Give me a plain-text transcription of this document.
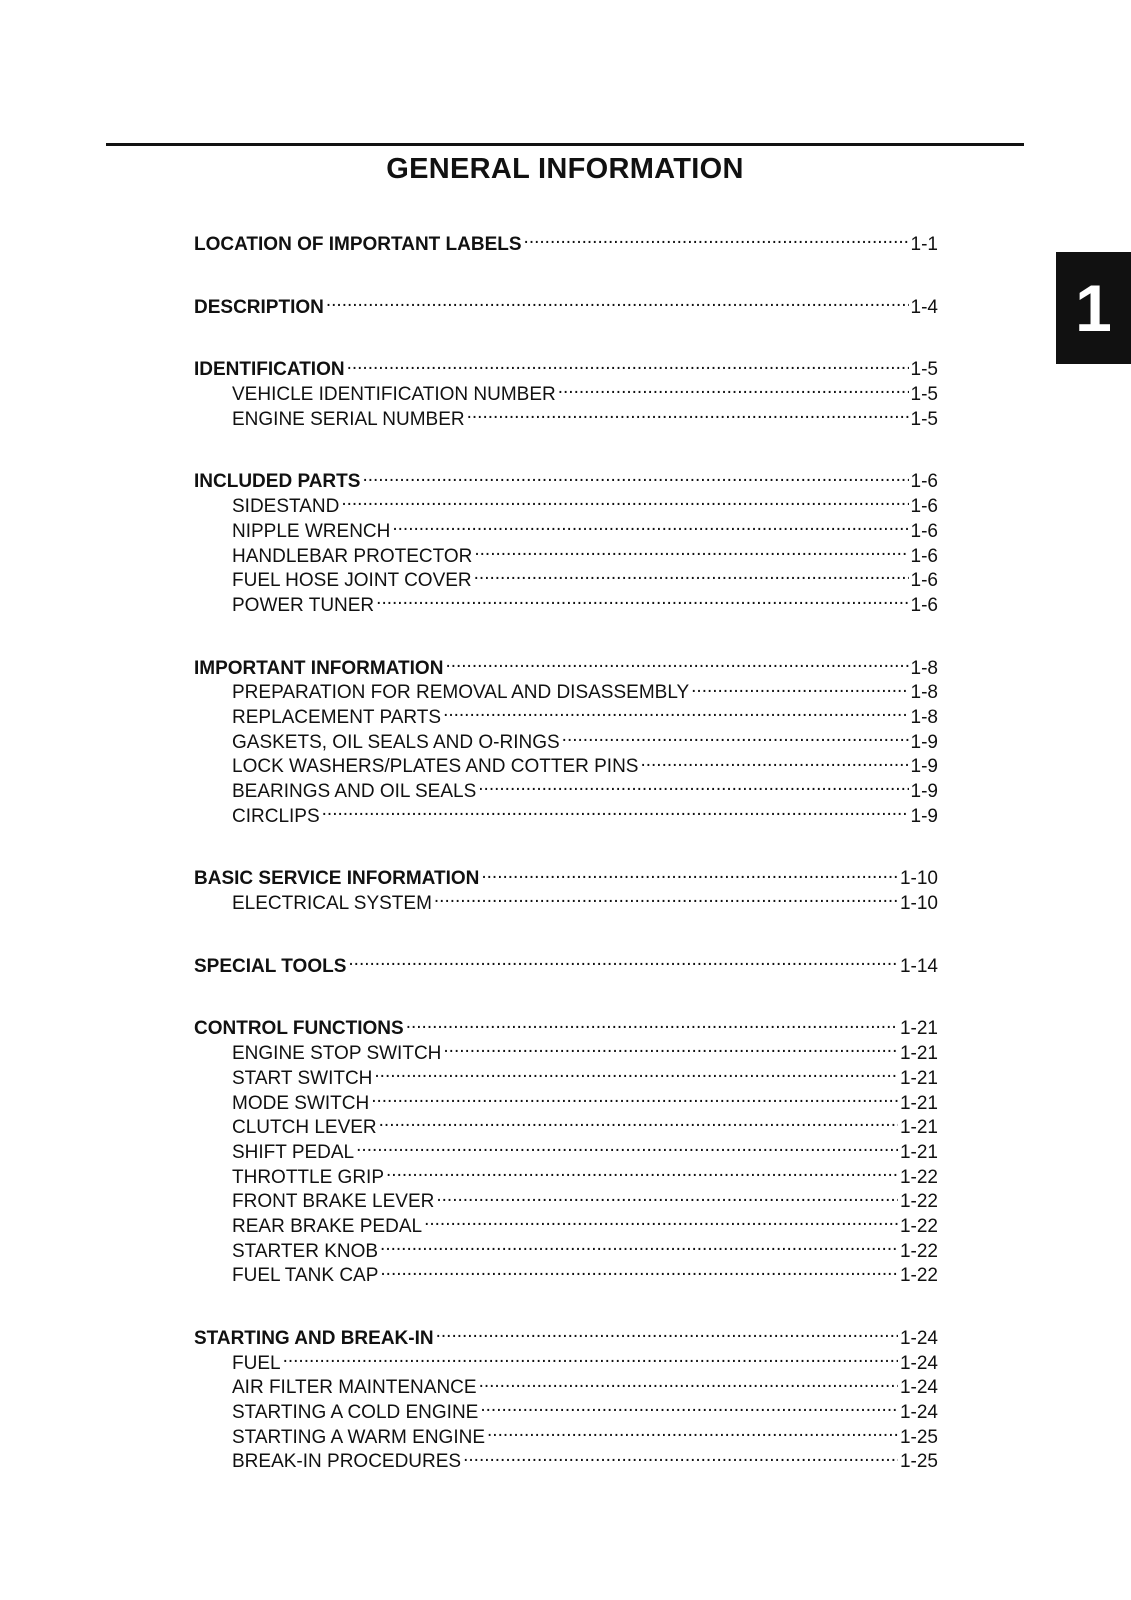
GENERAL INFORMATION
1
LOCATION OF IMPORTANT LABELS .....	1-1
DESCRIPTION .....	1-4
IDENTIFICATION .....	1-5
VEHICLE IDENTIFICATION NUMBER .....	1-5
ENGINE SERIAL NUMBER .....	1-5
INCLUDED PARTS .....	1-6
SIDESTAND .....	1-6
NIPPLE WRENCH .....	1-6
HANDLEBAR PROTECTOR .....	1-6
FUEL HOSE JOINT COVER .....	1-6
POWER TUNER .....	1-6
IMPORTANT INFORMATION .....	1-8
PREPARATION FOR REMOVAL AND DISASSEMBLY .....	1-8
REPLACEMENT PARTS .....	1-8
GASKETS, OIL SEALS AND O-RINGS .....	1-9
LOCK WASHERS/PLATES AND COTTER PINS .....	1-9
BEARINGS AND OIL SEALS .....	1-9
CIRCLIPS .....	1-9
BASIC SERVICE INFORMATION .....	1-10
ELECTRICAL SYSTEM .....	1-10
SPECIAL TOOLS .....	1-14
CONTROL FUNCTIONS .....	1-21
ENGINE STOP SWITCH .....	1-21
START SWITCH .....	1-21
MODE SWITCH .....	1-21
CLUTCH LEVER .....	1-21
SHIFT PEDAL .....	1-21
THROTTLE GRIP .....	1-22
FRONT BRAKE LEVER .....	1-22
REAR BRAKE PEDAL .....	1-22
STARTER KNOB .....	1-22
FUEL TANK CAP .....	1-22
STARTING AND BREAK-IN .....	1-24
FUEL .....	1-24
AIR FILTER MAINTENANCE .....	1-24
STARTING A COLD ENGINE .....	1-24
STARTING A WARM ENGINE .....	1-25
BREAK-IN PROCEDURES .....	1-25
